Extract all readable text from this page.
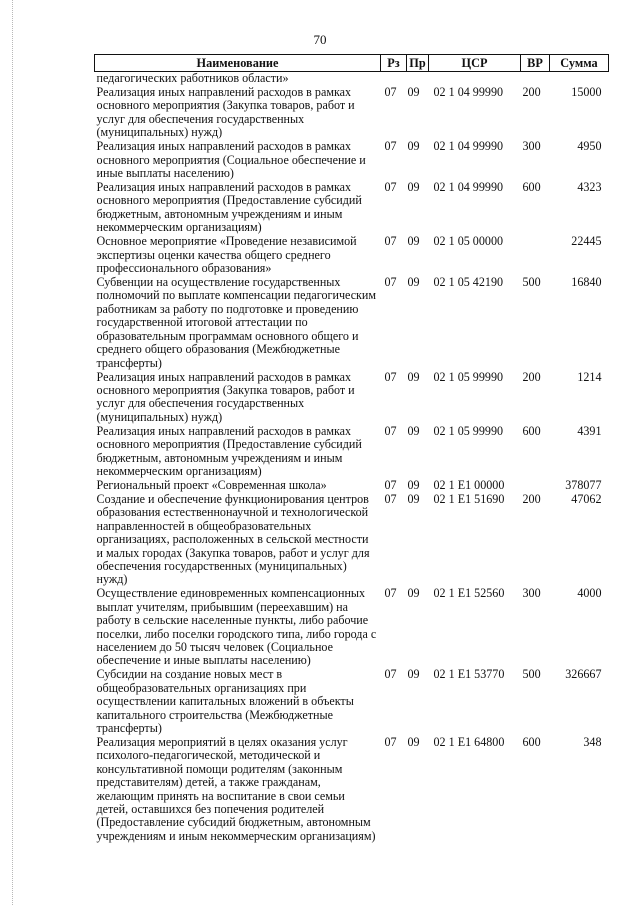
70
Наименование	Рз	Пр	ЦСР	ВР	Сумма
педагогических работников области»					
Реализация иных направлений расходов в рамках основного мероприятия (Закупка товаров, работ и услуг для обеспечения государственных (муниципальных) нужд)	07	09	02 1 04 99990	200	15000
Реализация иных направлений расходов в рамках основного мероприятия (Социальное обеспечение и иные выплаты населению)	07	09	02 1 04 99990	300	4950
Реализация иных направлений расходов в рамках основного мероприятия (Предоставление субсидий бюджетным, автономным учреждениям и иным некоммерческим организациям)	07	09	02 1 04 99990	600	4323
Основное мероприятие «Проведение независимой экспертизы оценки качества общего среднего профессионального образования»	07	09	02 1 05 00000		22445
Субвенции на осуществление государственных полномочий по выплате компенсации педагогическим работникам за работу по подготовке и проведению государственной итоговой аттестации по образовательным программам основного общего и среднего общего образования (Межбюджетные трансферты)	07	09	02 1 05 42190	500	16840
Реализация иных направлений расходов в рамках основного мероприятия (Закупка товаров, работ и услуг для обеспечения государственных (муниципальных) нужд)	07	09	02 1 05 99990	200	1214
Реализация иных направлений расходов в рамках основного мероприятия (Предоставление субсидий бюджетным, автономным учреждениям и иным некоммерческим организациям)	07	09	02 1 05 99990	600	4391
Региональный проект «Современная школа»	07	09	02 1 E1 00000		378077
Создание и обеспечение функционирования центров образования естественнонаучной и технологической направленностей в общеобразовательных организациях, расположенных в сельской местности и малых городах (Закупка товаров, работ и услуг для обеспечения государственных (муниципальных) нужд)	07	09	02 1 E1 51690	200	47062
Осуществление единовременных компенсационных выплат учителям, прибывшим (переехавшим) на работу в сельские населенные пункты, либо рабочие поселки, либо поселки городского типа, либо города с населением до 50 тысяч человек (Социальное обеспечение и иные выплаты населению)	07	09	02 1 E1 52560	300	4000
Субсидии на создание новых мест в общеобразовательных организациях при осуществлении капитальных вложений в объекты капитального строительства (Межбюджетные трансферты)	07	09	02 1 E1 53770	500	326667
Реализация мероприятий в целях оказания услуг психолого-педагогической, методической и консультативной помощи родителям (законным представителям) детей, а также гражданам, желающим принять на воспитание в свои семьи детей, оставшихся без попечения родителей (Предоставление субсидий бюджетным, автономным учреждениям и иным некоммерческим организациям)	07	09	02 1 E1 64800	600	348
